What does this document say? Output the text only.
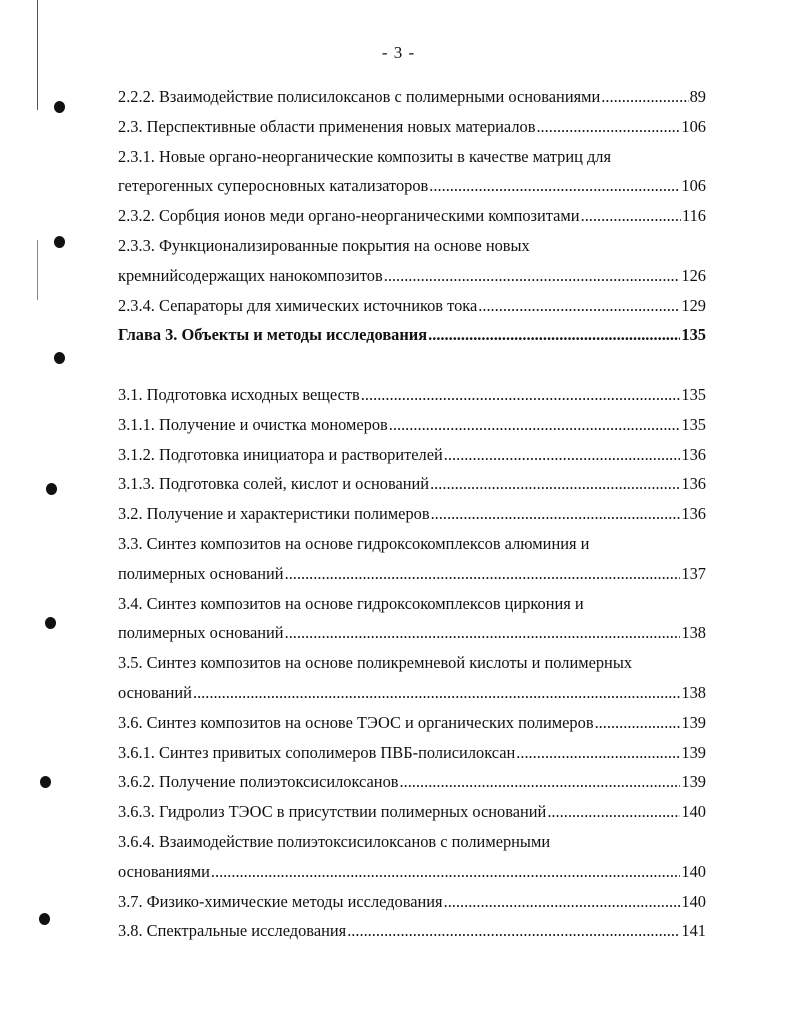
- 3 -
2.2.2. Взаимодействие полисилоксанов с полимерными основаниями .....	89
2.3. Перспективные области применения новых материалов .....	106
2.3.1. Новые органо-неорганические композиты в качестве матриц для
гетерогенных суперосновных катализаторов .....	106
2.3.2. Сорбция ионов меди органо-неорганическими композитами .....	116
2.3.3. Функционализированные покрытия на основе новых
кремнийсодержащих нанокомпозитов .....	126
2.3.4. Сепараторы для химических источников тока .....	129
Глава 3. Объекты и методы исследования .....	135
3.1. Подготовка исходных веществ .....	135
3.1.1. Получение и очистка мономеров .....	135
3.1.2. Подготовка инициатора и растворителей .....	136
3.1.3. Подготовка солей, кислот и оснований .....	136
3.2. Получение и характеристики полимеров .....	136
3.3. Синтез композитов на основе гидроксокомплексов алюминия и
полимерных оснований .....	137
3.4. Синтез композитов на основе гидроксокомплексов циркония и
полимерных оснований .....	138
3.5. Синтез композитов на основе поликремневой кислоты и полимерных
оснований .....	138
3.6. Синтез композитов на основе ТЭОС и органических полимеров .....	139
3.6.1. Синтез привитых сополимеров ПВБ-полисилоксан .....	139
3.6.2. Получение полиэтоксисилоксанов .....	139
3.6.3. Гидролиз ТЭОС в присутствии полимерных оснований .....	140
3.6.4. Взаимодействие полиэтоксисилоксанов с полимерными
основаниями .....	140
3.7. Физико-химические методы исследования .....	140
3.8. Спектральные исследования .....	141
